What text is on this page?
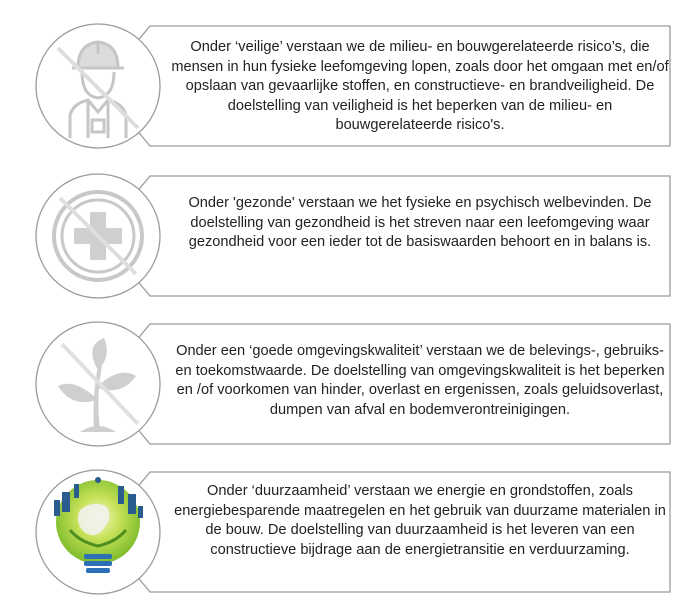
Onder ‘veilige’ verstaan we de milieu- en bouwgerelateerde risico’s, die mensen in hun fysieke leefomgeving lopen, zoals door het omgaan met en/of opslaan van gevaarlijke stoffen, en constructieve- en brandveiligheid. De doelstelling van veiligheid is het beperken van de milieu- en bouwgerelateerde risico's.
Onder 'gezonde' verstaan we het fysieke en psychisch welbevinden. De doelstelling van gezondheid is het streven naar een leefomgeving waar gezondheid voor een ieder tot de basiswaarden behoort en in balans is.
Onder een ‘goede omgevingskwaliteit’ verstaan we de belevings-, gebruiks- en toekomstwaarde. De doelstelling van omgevingskwaliteit is het beperken en /of voorkomen van hinder, overlast en ergenissen, zoals geluidsoverlast, dumpen van afval en bodemverontreinigingen.
Onder ‘duurzaamheid’ verstaan we energie en grondstoffen, zoals energiebesparende maatregelen en het gebruik van duurzame materialen in de bouw. De doelstelling van duurzaamheid is het leveren van een constructieve bijdrage aan de energietransitie en verduurzaming.
